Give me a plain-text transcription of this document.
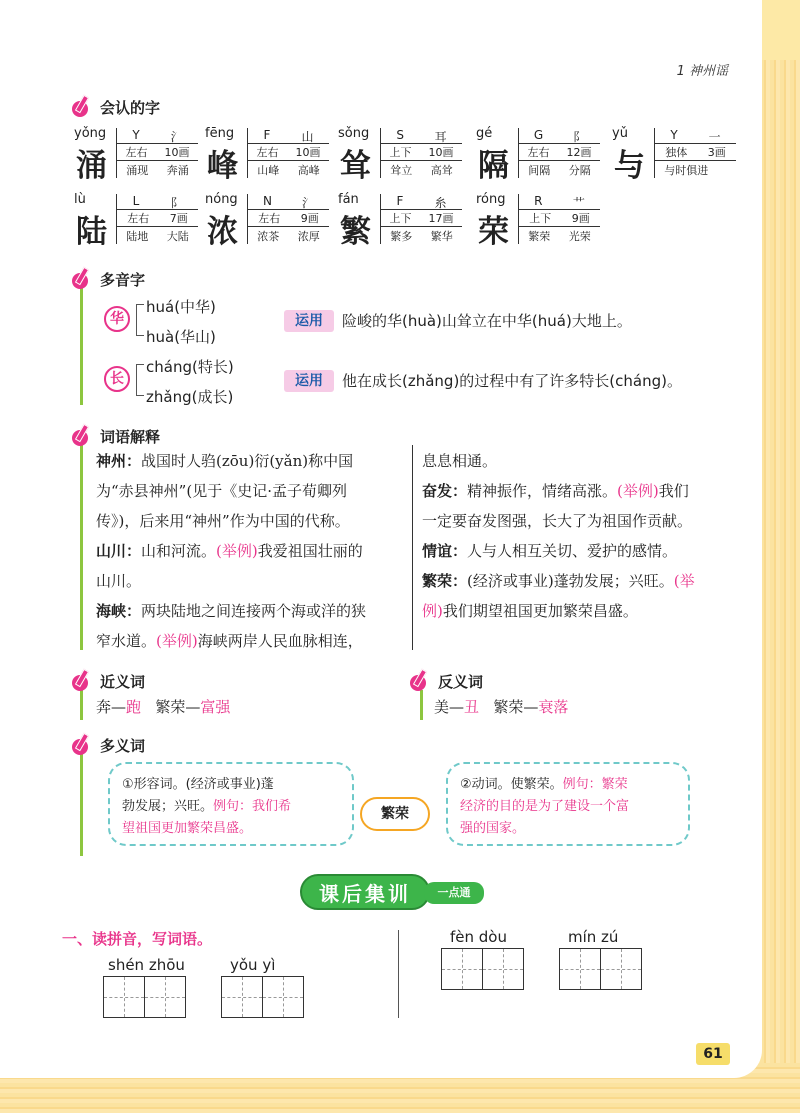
1 神州谣
会认的字
yǒng
涌
Y	氵
左右 10画
涌现 奔涌
fēng
峰
F	山
左右 10画
山峰 高峰
sǒng
耸
S	耳
上下 10画
耸立 高耸
gé
隔
G 阝
左右 12画
间隔 分隔
yǔ
与
Y	一
独体 3画
与时俱进
lù
陆
L	阝
左右 7画
陆地 大陆
nóng
浓
N	氵
左右 9画
浓茶 浓厚
fán
繁
F	糸
上下 17画
繁多 繁华
róng
荣
R	艹
上下 9画
繁荣 光荣
多音字
华
huá(中华)
huà(华山)
运用	险峻的华(huà)山耸立在中华(huá)大地上。
长
cháng(特长)
zhǎng(成长)
运用	他在成长(zhǎng)的过程中有了许多特长(cháng)。
词语解释
神州：战国时人驺(zōu)衍(yǎn)称中国
为“赤县神州”(见于《史记·孟子荀卿列
传》)，后来用“神州”作为中国的代称。
山川：山和河流。(举例)我爱祖国壮丽的
山川。
海峡：两块陆地之间连接两个海或洋的狭
窄水道。(举例)海峡两岸人民血脉相连，
息息相通。
奋发：精神振作，情绪高涨。(举例)我们
一定要奋发图强，长大了为祖国作贡献。
情谊：人与人相互关切、爱护的感情。
繁荣：(经济或事业)蓬勃发展；兴旺。(举
例)我们期望祖国更加繁荣昌盛。
近义词
奔—跑 繁荣—富强
反义词
美—丑 繁荣—衰落
多义词
①形容词。(经济或事业)蓬
勃发展；兴旺。例句：我们希
望祖国更加繁荣昌盛。
繁荣
②动词。使繁荣。例句：繁荣
经济的目的是为了建设一个富
强的国家。
课后集训	一点通
一、读拼音，写词语。
shén zhōu	yǒu yì
fèn dòu	mín zú
61
